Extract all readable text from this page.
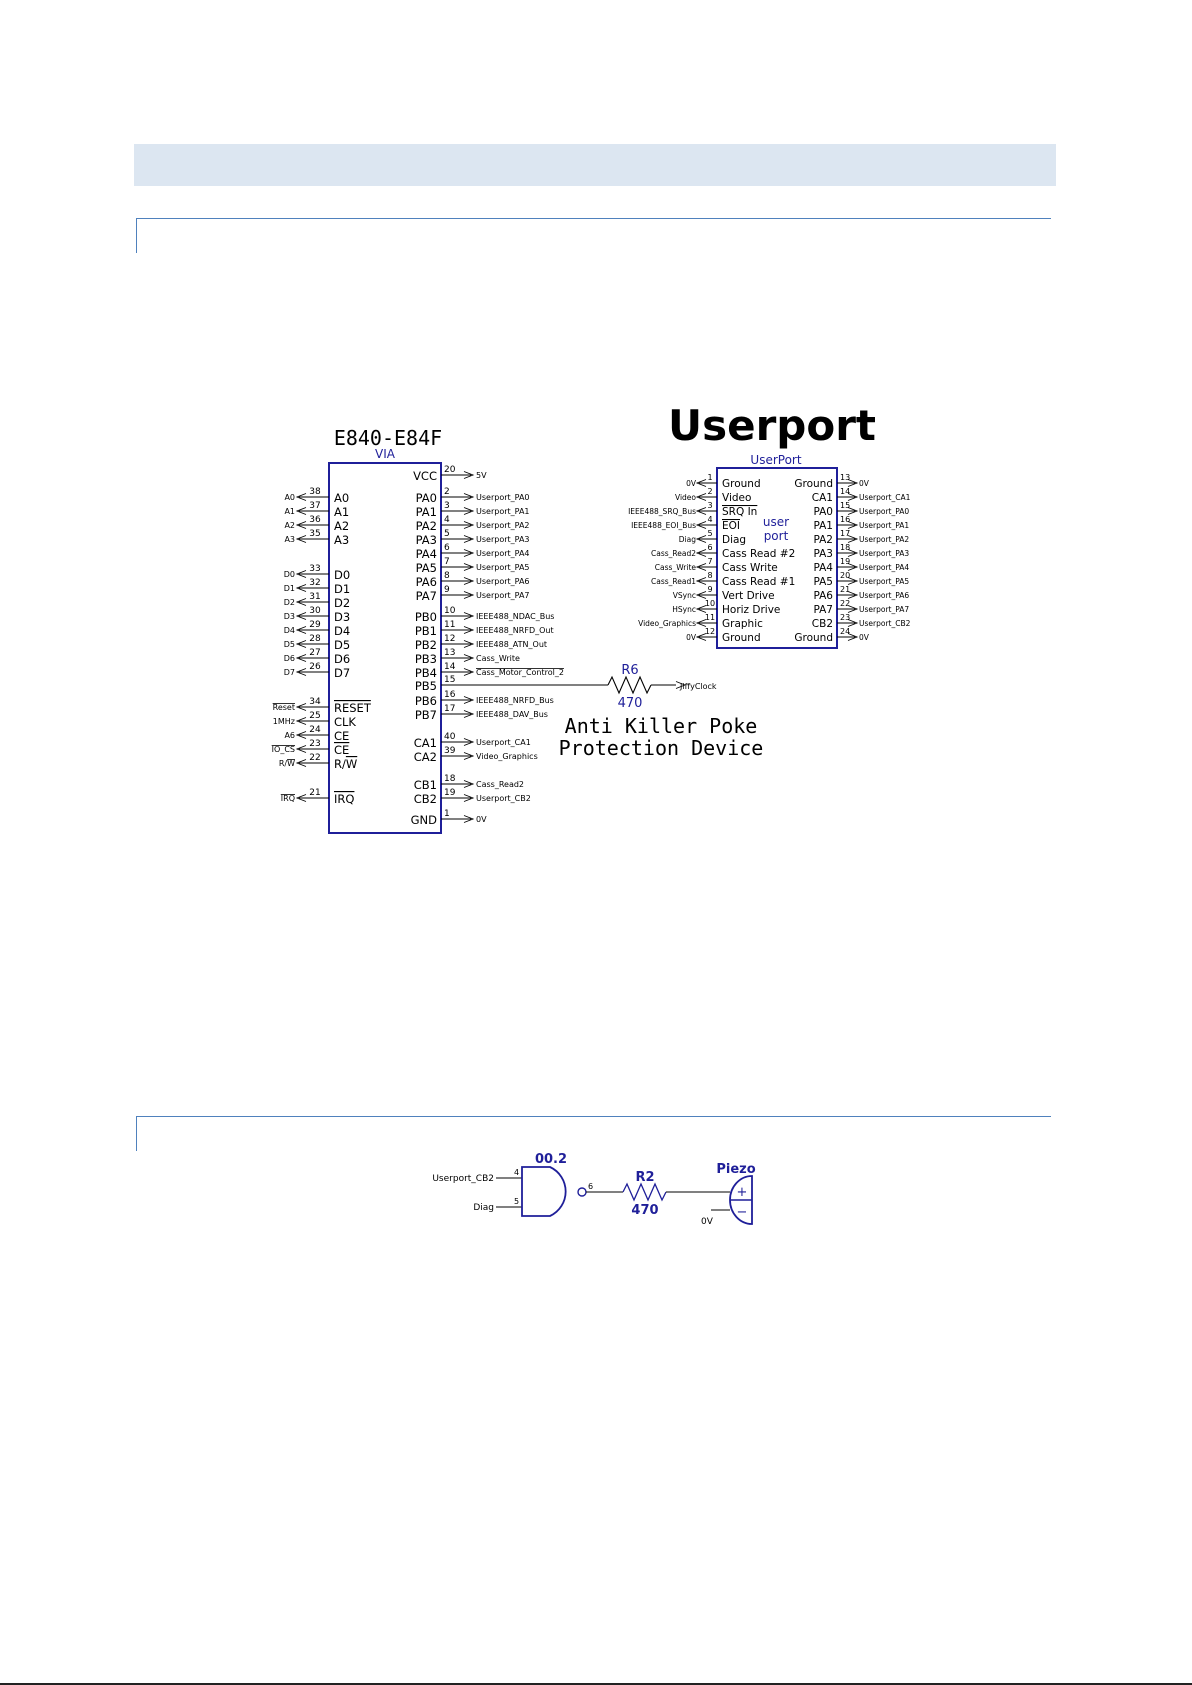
E840-E84F
VIA
38
A0	A0
37
A1	A1
36
A2	A2
35
A3	A3
33
D0	D0
32
D1	D1
31
D2	D2
30
D3	D3
29
D4	D4
28
D5	D5
27
D6	D6
26
D7	D7
34
Reset	RESET
25
1MHz	CLK
24
A6	CE
23
IO_CS	CE
22
R/W	R/W
21
IRQ	IRQ
20
VCC	5V
2
PA0	Userport_PA0
3
PA1	Userport_PA1
4
PA2	Userport_PA2
5
PA3	Userport_PA3
6
PA4	Userport_PA4
7
PA5	Userport_PA5
8
PA6	Userport_PA6
9
PA7	Userport_PA7
10
PB0	IEEE488_NDAC_Bus
11
PB1	IEEE488_NRFD_Out
12
PB2	IEEE488_ATN_Out
13
PB3	Cass_Write
14
PB4	Cass_Motor_Control_2
15
PB5
16
PB6	IEEE488_NRFD_Bus
17
PB7	IEEE488_DAV_Bus
40
CA1	Userport_CA1
39
CA2	Video_Graphics
18
CB1	Cass_Read2
19
CB2	Userport_CB2
1
GND	0V
Userport
UserPort
user
port
1
0V Ground
2
Video Video
3
IEEE488_SRQ_Bus SRQ In
4
IEEE488_EOI_Bus EOI
5
Diag Diag
6
Cass_Read2 Cass Read #2
7
Cass_Write Cass Write
8
Cass_Read1 Cass Read #1
9
VSync Vert Drive
10
HSync Horiz Drive
11
Video_Graphics Graphic
12
0V Ground
13
Ground	0V
14
CA1	Userport_CA1
15
PA0	Userport_PA0
16
PA1	Userport_PA1
17
PA2	Userport_PA2
18
PA3	Userport_PA3
19
PA4	Userport_PA4
20
PA5	Userport_PA5
21
PA6	Userport_PA6
22
PA7	Userport_PA7
23
CB2	Userport_CB2
24
Ground	0V
R6
470
JiffyClock
Anti Killer Poke
Protection Device
Userport_CB2
4
Diag
5
00.2
6
R2
470
0V
+
−
Piezo
